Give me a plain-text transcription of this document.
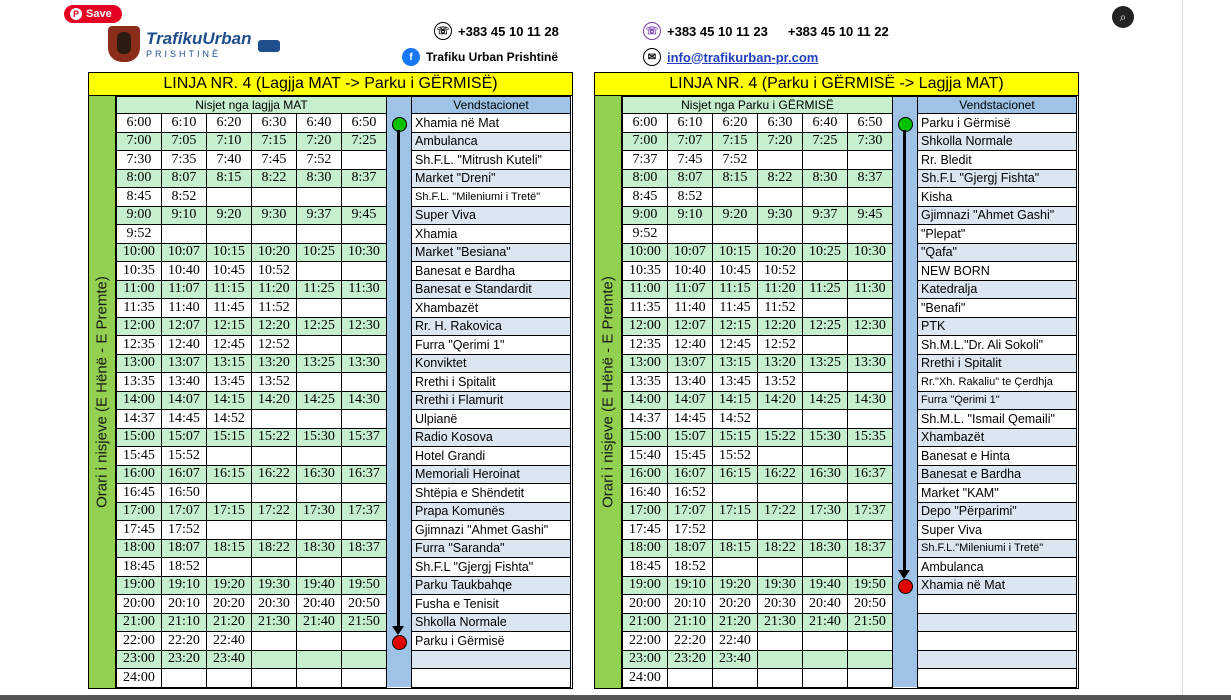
P Save	⌕
TrafikuUrban
PRISHTINË
☏ +383 45 10 11 28
f	Trafiku Urban Prishtinë
☏ +383 45 10 11 23 +383 45 10 11 22
✉ info@trafikurban-pr.com
LINJA NR. 4 (Lagjja MAT -> Parku i GËRMISË)
Orari i nisjeve (E Hënë - E Premte)
Nisjet nga lagjja MAT							Vendstacionet
6:00	6:10	6:20	6:30	6:40	6:50		Xhamia në Mat
7:00	7:05	7:10	7:15	7:20	7:25		Ambulanca
7:30	7:35	7:40	7:45	7:52			Sh.F.L. "Mitrush Kuteli"
8:00	8:07	8:15	8:22	8:30	8:37		Market "Dreni"
8:45	8:52						Sh.F.L. "Mileniumi i Tretë"
9:00	9:10	9:20	9:30	9:37	9:45		Super Viva
9:52							Xhamia
10:00	10:07	10:15	10:20	10:25	10:30		Market "Besiana"
10:35	10:40	10:45	10:52				Banesat e Bardha
11:00	11:07	11:15	11:20	11:25	11:30		Banesat e Standardit
11:35	11:40	11:45	11:52				Xhambazët
12:00	12:07	12:15	12:20	12:25	12:30		Rr. H. Rakovica
12:35	12:40	12:45	12:52				Furra "Qerimi 1"
13:00	13:07	13:15	13:20	13:25	13:30		Konviktet
13:35	13:40	13:45	13:52				Rrethi i Spitalit
14:00	14:07	14:15	14:20	14:25	14:30		Rrethi i Flamurit
14:37	14:45	14:52					Ulpianë
15:00	15:07	15:15	15:22	15:30	15:37		Radio Kosova
15:45	15:52						Hotel Grandi
16:00	16:07	16:15	16:22	16:30	16:37		Memoriali Heroinat
16:45	16:50						Shtëpia e Shëndetit
17:00	17:07	17:15	17:22	17:30	17:37		Prapa Komunës
17:45	17:52						Gjimnazi "Ahmet Gashi"
18:00	18:07	18:15	18:22	18:30	18:37		Furra "Saranda"
18:45	18:52						Sh.F.L "Gjergj Fishta"
19:00	19:10	19:20	19:30	19:40	19:50		Parku Taukbahqe
20:00	20:10	20:20	20:30	20:40	20:50		Fusha e Tenisit
21:00	21:10	21:20	21:30	21:40	21:50		Shkolla Normale
22:00	22:20	22:40					Parku i Gërmisë
23:00	23:20	23:40					
24:00							
LINJA NR. 4 (Parku i GËRMISË -> Lagjja MAT)
Orari i nisjeve (E Hënë - E Premte)
Nisjet nga Parku i GËRMISË							Vendstacionet
6:00	6:10	6:20	6:30	6:40	6:50		Parku i Gërmisë
7:00	7:07	7:15	7:20	7:25	7:30		Shkolla Normale
7:37	7:45	7:52					Rr. Bledit
8:00	8:07	8:15	8:22	8:30	8:37		Sh.F.L "Gjergj Fishta"
8:45	8:52						Kisha
9:00	9:10	9:20	9:30	9:37	9:45		Gjimnazi "Ahmet Gashi"
9:52							"Plepat"
10:00	10:07	10:15	10:20	10:25	10:30		"Qafa"
10:35	10:40	10:45	10:52				NEW BORN
11:00	11:07	11:15	11:20	11:25	11:30		Katedralja
11:35	11:40	11:45	11:52				"Benafi"
12:00	12:07	12:15	12:20	12:25	12:30		PTK
12:35	12:40	12:45	12:52				Sh.M.L."Dr. Ali Sokoli"
13:00	13:07	13:15	13:20	13:25	13:30		Rrethi i Spitalit
13:35	13:40	13:45	13:52				Rr."Xh. Rakaliu" te Çerdhja
14:00	14:07	14:15	14:20	14:25	14:30		Furra "Qerimi 1"
14:37	14:45	14:52					Sh.M.L. "Ismail Qemaili"
15:00	15:07	15:15	15:22	15:30	15:35		Xhambazët
15:40	15:45	15:52					Banesat e Hinta
16:00	16:07	16:15	16:22	16:30	16:37		Banesat e Bardha
16:40	16:52						Market "KAM"
17:00	17:07	17:15	17:22	17:30	17:37		Depo "Përparimi"
17:45	17:52						Super Viva
18:00	18:07	18:15	18:22	18:30	18:37		Sh.F.L."Mileniumi i Tretë"
18:45	18:52						Ambulanca
19:00	19:10	19:20	19:30	19:40	19:50		Xhamia në Mat
20:00	20:10	20:20	20:30	20:40	20:50		
21:00	21:10	21:20	21:30	21:40	21:50		
22:00	22:20	22:40					
23:00	23:20	23:40					
24:00							
